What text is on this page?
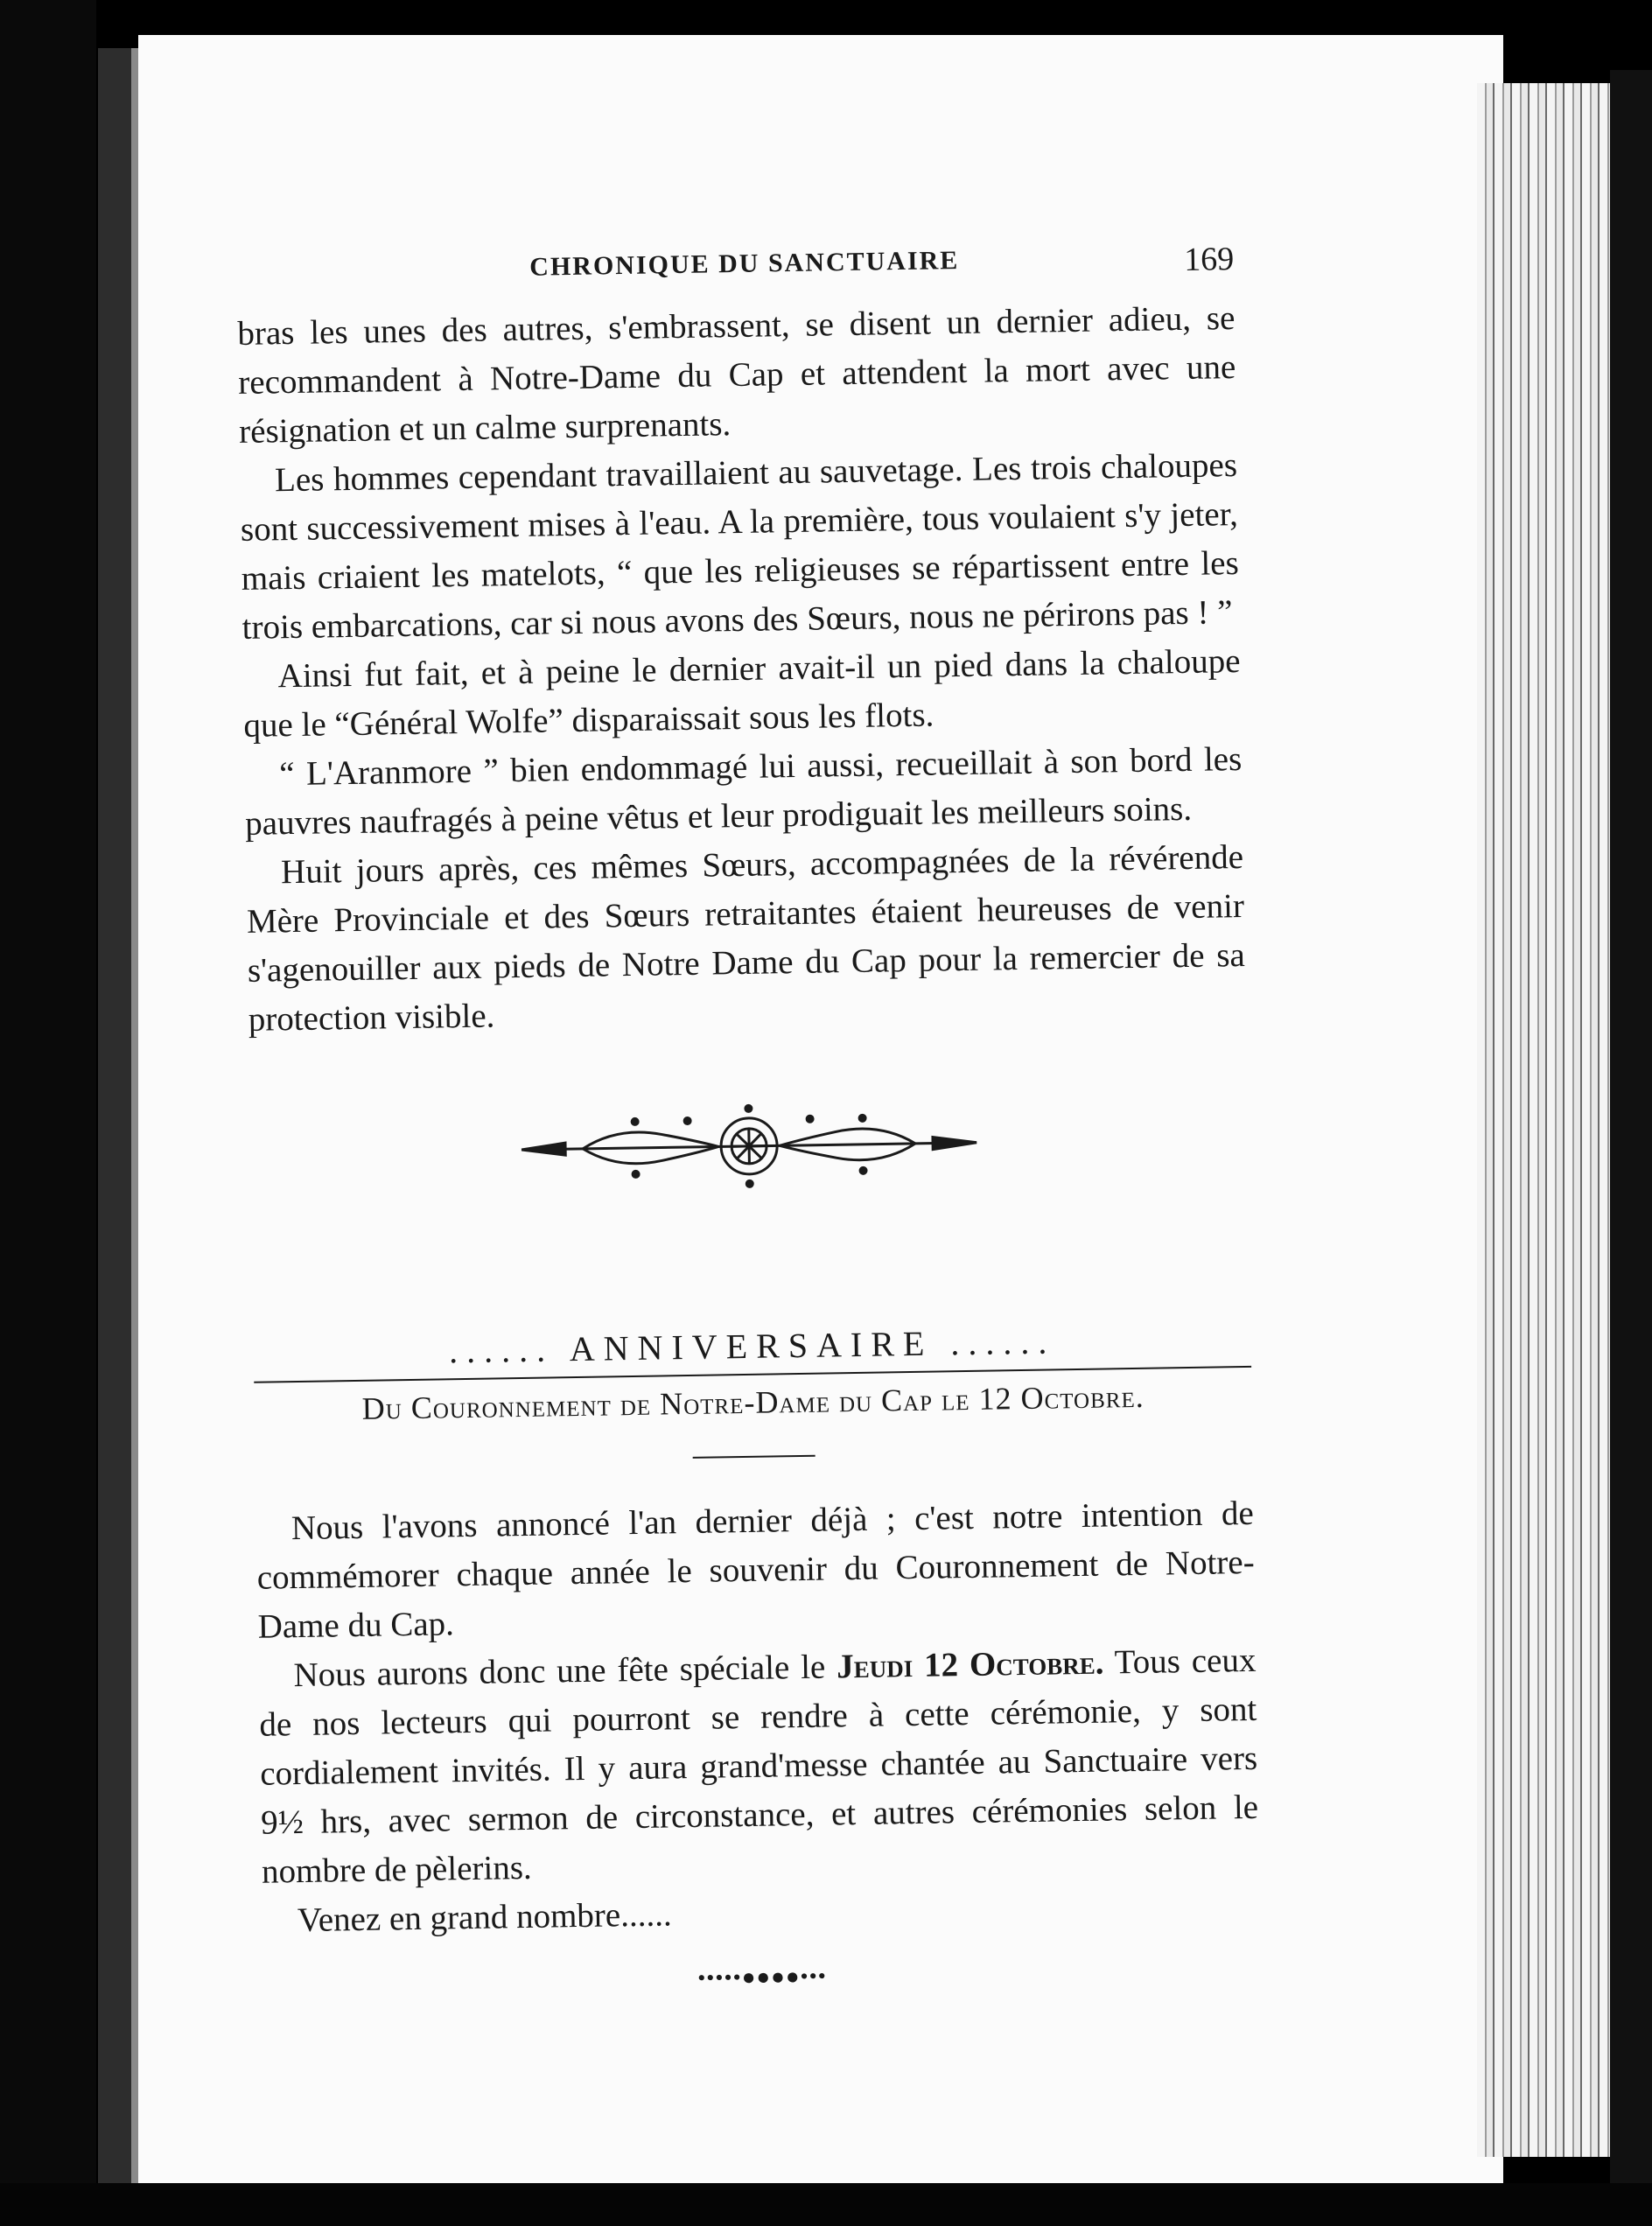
CHRONIQUE DU SANCTUAIRE	169

bras les unes des autres, s'embrassent, se disent un dernier adieu, se recommandent à Notre-Dame du Cap et attendent la mort avec une résignation et un calme surprenants.

Les hommes cependant travaillaient au sauvetage. Les trois chaloupes sont successivement mises à l'eau. A la première, tous voulaient s'y jeter, mais criaient les matelots, “ que les religieuses se répartissent entre les trois embarcations, car si nous avons des Sœurs, nous ne périrons pas ! ”

Ainsi fut fait, et à peine le dernier avait-il un pied dans la chaloupe que le “Général Wolfe” disparaissait sous les flots.

“ L'Aranmore ” bien endommagé lui aussi, recueillait à son bord les pauvres naufragés à peine vêtus et leur prodiguait les meilleurs soins.

Huit jours après, ces mêmes Sœurs, accompagnées de la révérende Mère Provinciale et des Sœurs retraitantes étaient heureuses de venir s'agenouiller aux pieds de Notre Dame du Cap pour la remercier de sa protection visible.

...... ANNIVERSAIRE ......
Du Couronnement de Notre-Dame du Cap le 12 Octobre.

Nous l'avons annoncé l'an dernier déjà ; c'est notre intention de commémorer chaque année le souvenir du Couronnement de Notre-Dame du Cap.

Nous aurons donc une fête spéciale le Jeudi 12 Octobre. Tous ceux de nos lecteurs qui pourront se rendre à cette cérémonie, y sont cordialement invités. Il y aura grand'messe chantée au Sanctuaire vers 9½ hrs, avec sermon de circonstance, et autres cérémonies selon le nombre de pèlerins.

Venez en grand nombre......

•••••●●●●•••
